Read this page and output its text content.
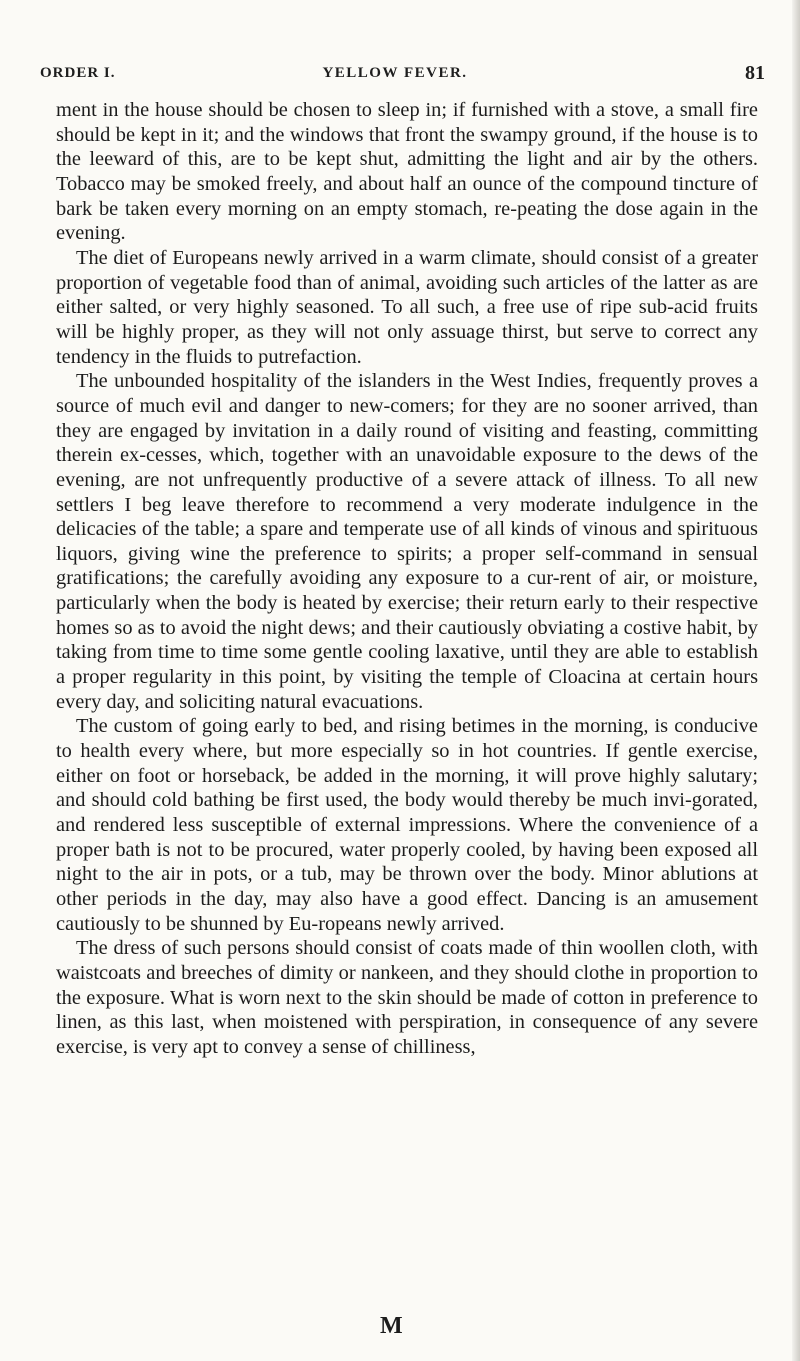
ORDER I.	YELLOW FEVER.	81

ment in the house should be chosen to sleep in; if furnished with a stove, a small fire should be kept in it; and the windows that front the swampy ground, if the house is to the leeward of this, are to be kept shut, admitting the light and air by the others. Tobacco may be smoked freely, and about half an ounce of the compound tincture of bark be taken every morning on an empty stomach, re-peating the dose again in the evening.

The diet of Europeans newly arrived in a warm climate, should consist of a greater proportion of vegetable food than of animal, avoiding such articles of the latter as are either salted, or very highly seasoned. To all such, a free use of ripe sub-acid fruits will be highly proper, as they will not only assuage thirst, but serve to correct any tendency in the fluids to putrefaction.

The unbounded hospitality of the islanders in the West Indies, frequently proves a source of much evil and danger to new-comers; for they are no sooner arrived, than they are engaged by invitation in a daily round of visiting and feasting, committing therein ex-cesses, which, together with an unavoidable exposure to the dews of the evening, are not unfrequently productive of a severe attack of illness. To all new settlers I beg leave therefore to recommend a very moderate indulgence in the delicacies of the table; a spare and temperate use of all kinds of vinous and spirituous liquors, giving wine the preference to spirits; a proper self-command in sensual gratifications; the carefully avoiding any exposure to a cur-rent of air, or moisture, particularly when the body is heated by exercise; their return early to their respective homes so as to avoid the night dews; and their cautiously obviating a costive habit, by taking from time to time some gentle cooling laxative, until they are able to establish a proper regularity in this point, by visiting the temple of Cloacina at certain hours every day, and soliciting natural evacuations.

The custom of going early to bed, and rising betimes in the morning, is conducive to health every where, but more especially so in hot countries. If gentle exercise, either on foot or horseback, be added in the morning, it will prove highly salutary; and should cold bathing be first used, the body would thereby be much invi-gorated, and rendered less susceptible of external impressions. Where the convenience of a proper bath is not to be procured, water properly cooled, by having been exposed all night to the air in pots, or a tub, may be thrown over the body. Minor ablutions at other periods in the day, may also have a good effect. Dancing is an amusement cautiously to be shunned by Eu-ropeans newly arrived.

The dress of such persons should consist of coats made of thin woollen cloth, with waistcoats and breeches of dimity or nankeen, and they should clothe in proportion to the exposure. What is worn next to the skin should be made of cotton in preference to linen, as this last, when moistened with perspiration, in consequence of any severe exercise, is very apt to convey a sense of chilliness,

M
